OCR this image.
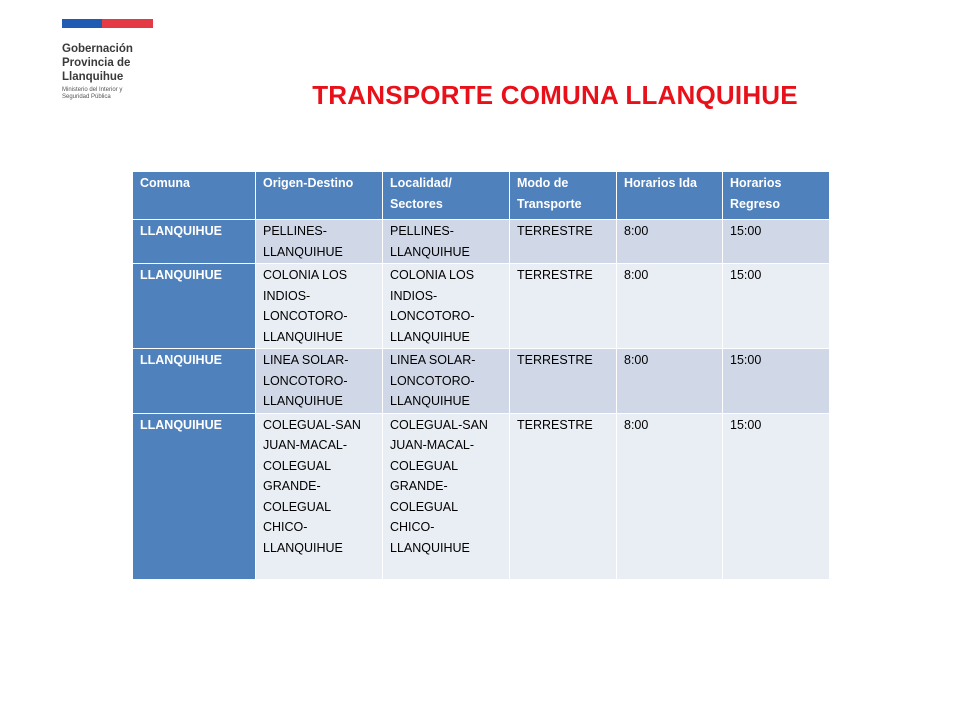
Gobernación
Provincia de
Llanquihue
Ministerio del Interior y
Seguridad Pública	TRANSPORTE COMUNA LLANQUIHUE
Comuna	Origen-Destino	Localidad/ Sectores	Modo de Transporte	Horarios Ida	Horarios Regreso
LLANQUIHUE	PELLINES-LLANQUIHUE	PELLINES-LLANQUIHUE	TERRESTRE	8:00	15:00
LLANQUIHUE	COLONIA LOS INDIOS-LONCOTORO-LLANQUIHUE	COLONIA LOS INDIOS-LONCOTORO-LLANQUIHUE	TERRESTRE	8:00	15:00
LLANQUIHUE	LINEA SOLAR-LONCOTORO-LLANQUIHUE	LINEA SOLAR-LONCOTORO-LLANQUIHUE	TERRESTRE	8:00	15:00
LLANQUIHUE	COLEGUAL-SAN JUAN-MACAL-COLEGUAL GRANDE-COLEGUAL CHICO-LLANQUIHUE	COLEGUAL-SAN JUAN-MACAL-COLEGUAL GRANDE-COLEGUAL CHICO-LLANQUIHUE	TERRESTRE	8:00	15:00
